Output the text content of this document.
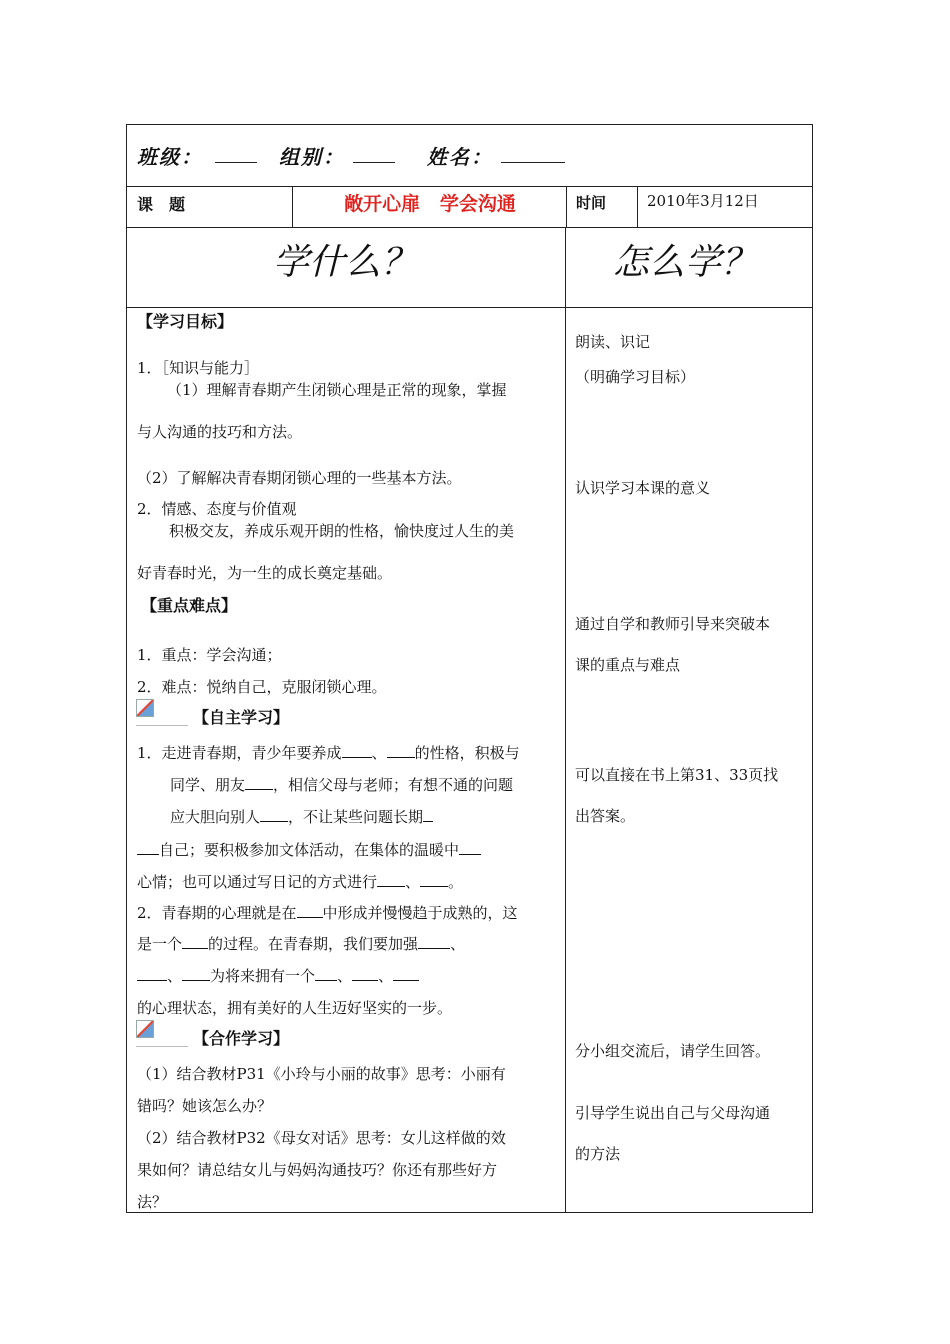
班级：	组别：	姓名：
课题	敞开心扉   学会沟通	时间	2010年3月12日
学什么？	怎么学？
【学习目标】
1．［知识与能力］
（1）理解青春期产生闭锁心理是正常的现象，掌握
与人沟通的技巧和方法。
（2）了解解决青春期闭锁心理的一些基本方法。
2．情感、态度与价值观
积极交友，养成乐观开朗的性格，愉快度过人生的美
好青春时光，为一生的成长奠定基础。
【重点难点】
1．重点：学会沟通；
2．难点：悦纳自己，克服闭锁心理。
【自主学习】
1．走进青春期，青少年要养成 、 的性格，积极与
同学、朋友 ，相信父母与老师；有想不通的问题
应大胆向别人 ，不让某些问题长期
自己；要积极参加文体活动，在集体的温暖中
心情；也可以通过写日记的方式进行 、 。
2．青春期的心理就是在 中形成并慢慢趋于成熟的，这
是一个 的过程。在青春期，我们要加强 、
、 为将来拥有一个 、 、
的心理状态，拥有美好的人生迈好坚实的一步。
【合作学习】
（1）结合教材P31《小玲与小丽的故事》思考：小丽有
错吗？她该怎么办？
（2）结合教材P32《母女对话》思考：女儿这样做的效
果如何？请总结女儿与妈妈沟通技巧？你还有那些好方
法？
朗读、识记
（明确学习目标）
认识学习本课的意义
通过自学和教师引导来突破本
课的重点与难点
可以直接在书上第31、33页找
出答案。
分小组交流后，请学生回答。
引导学生说出自己与父母沟通
的方法
